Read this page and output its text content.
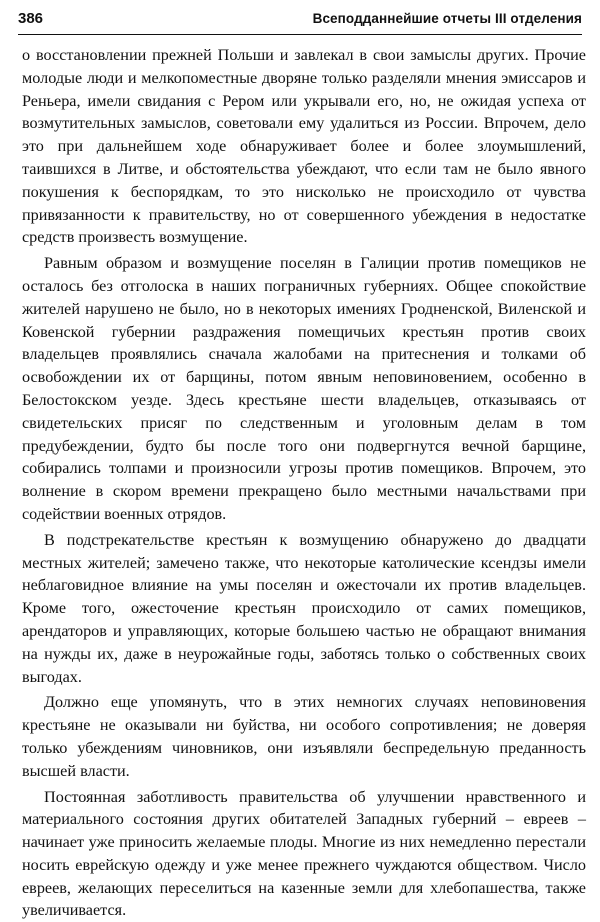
386	Всеподданнейшие отчеты III отделения

о восстановлении прежней Польши и завлекал в свои замыслы других. Прочие молодые люди и мелкопоместные дворяне только разделяли мнения эмиссаров и Реньера, имели свидания с Рером или укрывали его, но, не ожидая успеха от возмутительных замыслов, советовали ему удалиться из России. Впрочем, дело это при дальнейшем ходе обнаруживает более и более злоумышлений, таившихся в Литве, и обстоятельства убеждают, что если там не было явного покушения к беспорядкам, то это нисколько не происходило от чувства привязанности к правительству, но от совершенного убеждения в недостатке средств произвесть возмущение.

Равным образом и возмущение поселян в Галиции против помещиков не осталось без отголоска в наших пограничных губерниях. Общее спокойствие жителей нарушено не было, но в некоторых имениях Гродненской, Виленской и Ковенской губернии раздражения помещичьих крестьян против своих владельцев проявлялись сначала жалобами на притеснения и толками об освобождении их от барщины, потом явным неповиновением, особенно в Белостокском уезде. Здесь крестьяне шести владельцев, отказываясь от свидетельских присяг по следственным и уголовным делам в том предубеждении, будто бы после того они подвергнутся вечной барщине, собирались толпами и произносили угрозы против помещиков. Впрочем, это волнение в скором времени прекращено было местными начальствами при содействии военных отрядов.

В подстрекательстве крестьян к возмущению обнаружено до двадцати местных жителей; замечено также, что некоторые католические ксендзы имели неблаговидное влияние на умы поселян и ожесточали их против владельцев. Кроме того, ожесточение крестьян происходило от самих помещиков, арендаторов и управляющих, которые большею частью не обращают внимания на нужды их, даже в неурожайные годы, заботясь только о собственных своих выгодах.

Должно еще упомянуть, что в этих немногих случаях неповиновения крестьяне не оказывали ни буйства, ни особого сопротивления; не доверяя только убеждениям чиновников, они изъявляли беспредельную преданность высшей власти.

Постоянная заботливость правительства об улучшении нравственного и материального состояния других обитателей Западных губерний – евреев – начинает уже приносить желаемые плоды. Многие из них немедленно перестали носить еврейскую одежду и уже менее прежнего чуждаются обществом. Число евреев, желающих переселиться на казенные земли для хлебопашества, также увеличивается.
